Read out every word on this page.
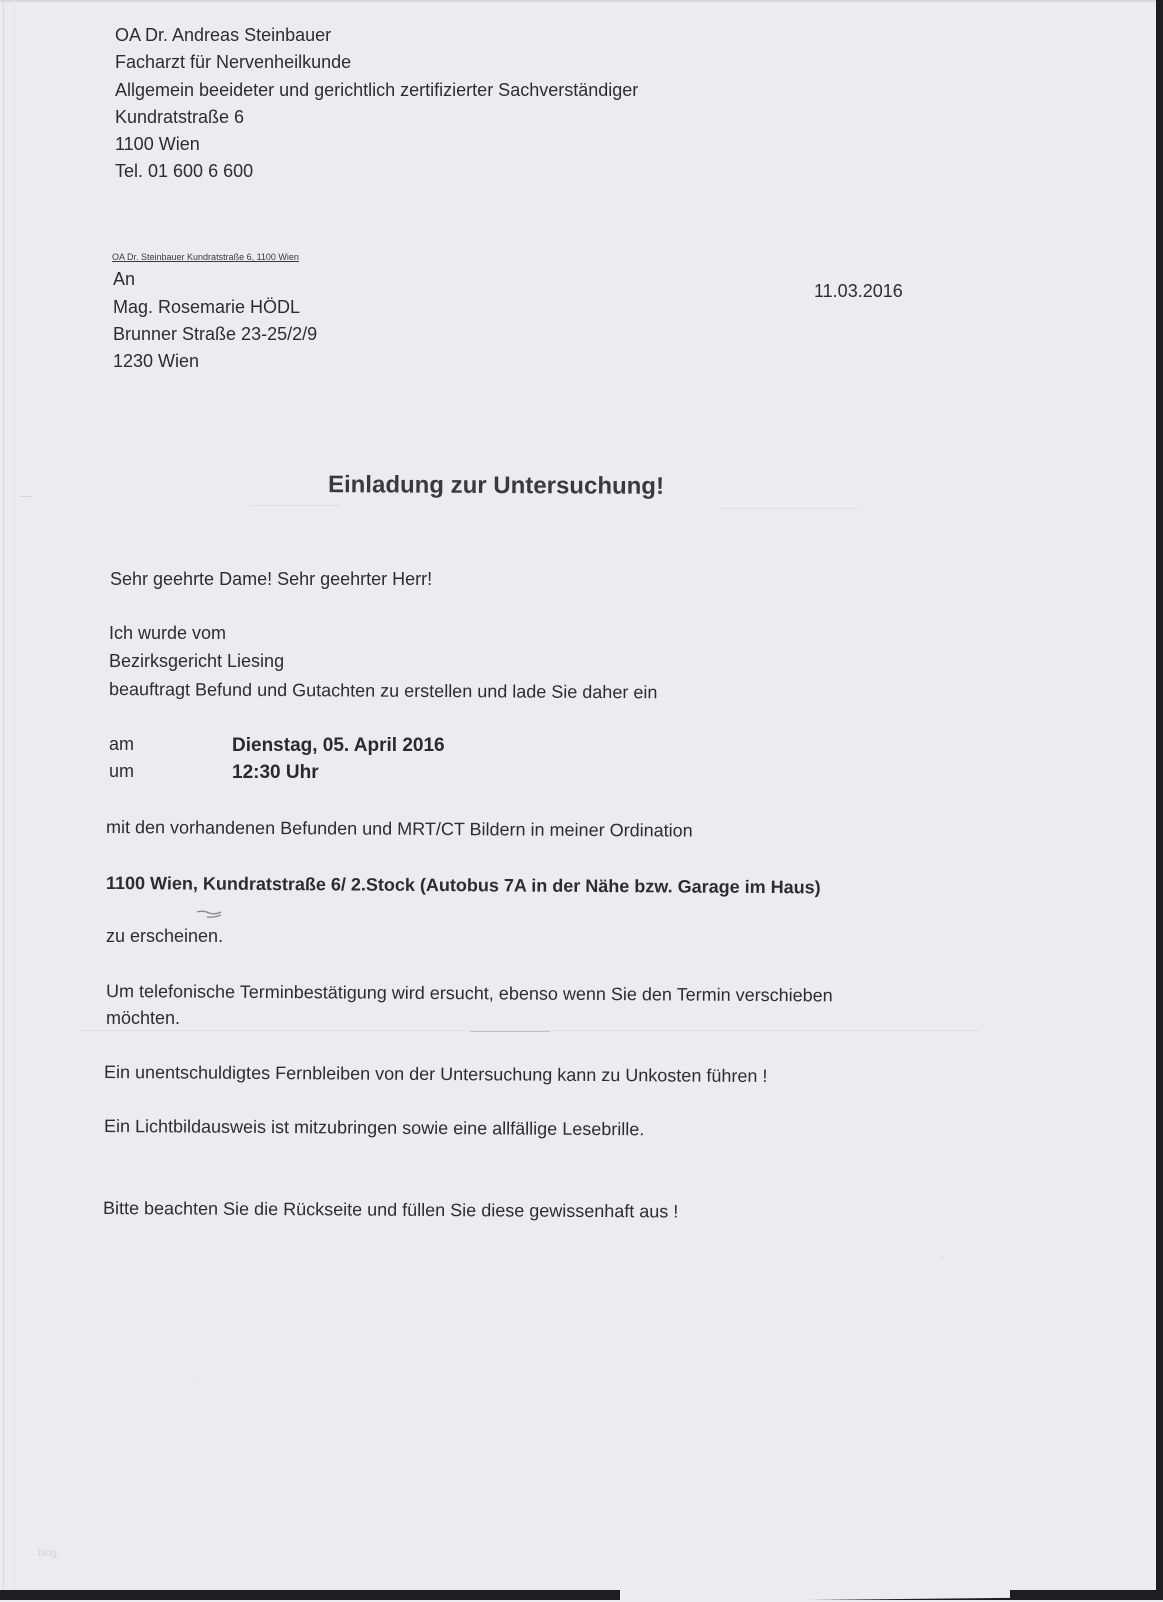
OA Dr. Andreas Steinbauer
Facharzt für Nervenheilkunde
Allgemein beeideter und gerichtlich zertifizierter Sachverständiger
Kundratstraße 6
1100 Wien
Tel. 01 600 6 600
OA Dr. Steinbauer Kundratstraße 6, 1100 Wien
An
Mag. Rosemarie HÖDL
Brunner Straße 23-25/2/9
1230 Wien
11.03.2016
Einladung zur Untersuchung!
Sehr geehrte Dame! Sehr geehrter Herr!
Ich wurde vom
Bezirksgericht Liesing
beauftragt Befund und Gutachten zu erstellen und lade Sie daher ein
am	Dienstag, 05. April 2016
um	12:30 Uhr
mit den vorhandenen Befunden und MRT/CT Bildern in meiner Ordination
1100 Wien, Kundratstraße 6/ 2.Stock (Autobus 7A in der Nähe bzw. Garage im Haus)
zu erscheinen.
Um telefonische Terminbestätigung wird ersucht, ebenso wenn Sie den Termin verschieben
möchten.
Ein unentschuldigtes Fernbleiben von der Untersuchung kann zu Unkosten führen !
Ein Lichtbildausweis ist mitzubringen sowie eine allfällige Lesebrille.
Bitte beachten Sie die Rückseite und füllen Sie diese gewissenhaft aus !
'
·
blog
